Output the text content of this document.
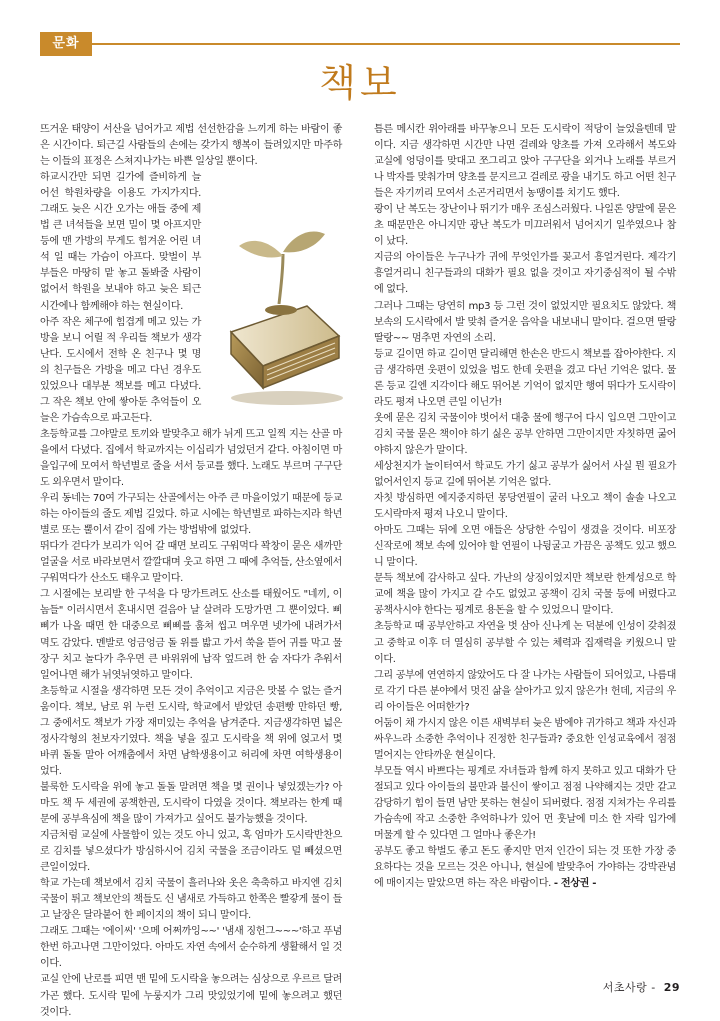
문화
책보

뜨거운 태양이 서산을 넘어가고 제법 선선한감을 느끼게 하는 바람이 좋은 시간이다. 퇴근길 사람들의 손에는 갖가지 행복이 들려있지만 마주하는 이들의 표정은 스쳐지나가는 바쁜 일상일 뿐이다.

하교시간만 되면 길가에 즐비하게 늘어선 학원차량을 이용도 가지가지다. 그래도 늦은 시간 오가는 애들 중에 제법 큰 녀석들을 보면 밀이 몇 아프지만 등에 맨 가방의 무게도 힘겨운 어린 녀석 일 때는 가슴이 아프다. 맞벌이 부부들은 마땅히 맡 놓고 돌봐줄 사람이 없어서 학원을 보내야 하고 늦은 퇴근시간에나 함께해야 하는 현실이다.

아주 작은 체구에 힘겹게 메고 있는 가방을 보니 어릴 적 우리들 책보가 생각난다. 도시에서 전학 온 친구나 몇 명의 친구들은 가방을 메고 다닌 경우도 있었으나 대부분 책보를 메고 다녔다. 그 작은 책보 안에 쌓아둔 추억들이 오늘은 가슴속으로 파고든다.

초등학교를 그야말로 토끼와 발맞추고 해가 뉘게 뜨고 일찍 지는 산골 마을에서 다녔다. 집에서 학교까지는 이십리가 넘었던거 같다. 아침이면 마을입구에 모여서 학년별로 줄을 서서 등교를 했다. 노래도 부르며 구구단도 외우면서 말이다.

우리 동네는 70여 가구되는 산골에서는 아주 큰 마을이었기 때문에 등교하는 아이들의 줄도 제법 길었다. 하교 시에는 학년별로 파하는지라 학년별로 또는 뿔이서 같이 집에 가는 방법밖에 없었다.

뛰다가 걷다가 보리가 익어 갈 때면 보리도 구워먹다 꽉창이 묻은 새까만 얼굴을 서로 바라보면서 깔깔대며 웃고 하면 그 때에 추억들, 산소옆에서 구워먹다가 산소도 태우고 말이다.

그 시절에는 보리발 한 구석을 다 망가트려도 산소를 태웠어도 "네끼, 이놈들" 이러시면서 혼내시면 걸음아 날 살려라 도망가면 그 뿐이었다. 삐삐가 나올 때면 한 대중으로 삐삐를 훔쳐 씹고 며우면 넷가에 내려가서 멱도 감았다. 멘발로 엉금엉금 돌 위를 밟고 가서 쑥을 뜯어 귀를 막고 물장구 치고 놀다가 추우면 큰 바위위에 납작 엎드려 한 숨 자다가 추워서 일어나면 해가 뉘엿뉘엿하고 말이다.

초등학교 시절을 생각하면 모든 것이 추억이고 지금은 맛볼 수 없는 즐거움이다. 책보, 남로 위 누런 도시락, 학교에서 받았던 송편빵 만하던 빵, 그 중에서도 책보가 가장 재미있는 추억을 남겨준다. 지금생각하면 넓은 정사각형의 천보자기였다. 책을 넣을 짚고 도시락을 책 위에 얹고서 몇 바퀴 돌돌 말아 어깨춤에서 차면 남학생용이고 허리에 차면 여학생용이었다.

불룩한 도시락을 위에 놓고 돌돌 말려면 책을 몇 권이나 넣었겠는가? 아마도 책 두 세권에 공책한권, 도시락이 다였을 것이다. 책보라는 한계 때문에 공부욕심에 책을 많이 가져가고 싶어도 불가능했을 것이다.

지금처럼 교실에 사물함이 있는 것도 아니 었고, 혹 엄마가 도시락반찬으로 김치를 넣으셨다가 방심하시어 김치 국물을 조금이라도 덜 빼셨으면 큰일이었다.

학교 가는데 책보에서 김치 국물이 흘러나와 옷은 축축하고 바지엔 김치 국물이 튀고 책보안의 책들도 신 냄새로 가득하고 한쪽은 빨갛게 물이 들고 날장은 달라붙어 한 페이지의 책이 되니 말이다.

그래도 그때는 '에이씨' '으메 어쩌까잉~~' '냄새 징헌그~~~'하고 푸념한번 하고나면 그만이었다. 아마도 자연 속에서 순수하게 생활해서 일 것이다.

교실 안에 난로를 피면 맨 밑에 도시락을 놓으려는 심상으로 우르르 달려가곤 했다. 도시락 밑에 누룽지가 그리 맛있었기에 밑에 놓으려고 했던 것이다.

틈른 메시칸 위아래를 바꾸놓으니 모든 도시락이 적당이 늘었을텐데 말이다. 지금 생각하면 시간만 나면 걸레와 양초를 가져 오라해서 복도와 교실에 엉덩이를 맞대고 쪼그리고 앉아 구구단을 외거나 노래를 부르거나 박자를 맞춰가며 양초를 문지르고 걸레로 광을 내기도 하고 어떤 친구들은 자기끼리 모여서 소곤거리면서 농땡이를 치기도 했다.

광이 난 복도는 장난이나 뛰기가 매우 조심스러웠다. 나일론 양말에 묻은 초 때문만은 아니지만 광난 복도가 미끄러워서 넘어지기 일쑤였으나 참이 났다.

지금의 아이들은 누구나가 귀에 무엇인가를 꽂고서 흥얼거린다. 제각기 흥얼거리니 친구들과의 대화가 필요 없을 것이고 자기중심적이 될 수밖에 없다.

그러나 그때는 당연히 mp3 등 그런 것이 없었지만 필요치도 않았다. 책보속의 도시락에서 발 맞춰 즐거운 음악을 내보내니 말이다. 걸으면 딸랑딸랑~~ 멈추면 자연의 소리.

등교 길이면 하교 길이면 달리해면 한손은 반드시 책보를 잡아야한다. 지금 생각하면 웃편이 있었을 법도 한데 웃편을 겼고 다닌 기억은 없다. 물론 등교 길엔 지각이다 해도 뛰어본 기억이 없지만 행여 뛰다가 도시락이라도 평져 나오면 큰일 이닌가!

옷에 묻은 김치 국물이야 벗어서 대충 물에 행구어 다시 입으면 그만이고 김치 국물 묻은 책이야 하기 싫은 공부 안하면 그만이지만 자칫하면 굶어야하지 않은가 말이다.

세상천지가 놀이터여서 학교도 가기 싫고 공부가 싫어서 사실 뭔 필요가 없어서인지 등교 길에 뛰어본 기억은 없다.

자칫 방심하면 에지중지하던 몽당연필이 굴러 나오고 책이 솔솔 나오고 도시락마저 평져 나오니 말이다.

아마도 그때는 뒤에 오면 애들은 상당한 수입이 생겼을 것이다. 비포장 신작로에 책보 속에 있어야 할 연필이 나뒹굴고 가끔은 공책도 있고 했으니 말이다.

문득 책보에 감사하고 싶다. 가난의 상징이었지만 책보란 한계성으로 학교에 책을 많이 가지고 갈 수도 없었고 공책이 김치 국물 등에 버렸다고 공책사시야 한다는 핑계로 용돈을 할 수 있었으니 말이다.

초등학교 때 공부안하고 자연을 벗 삼아 신나게 논 덕분에 인성이 갖춰졌고 중학교 이후 더 열심히 공부할 수 있는 체력과 집재력을 키웠으니 말이다.

그리 공부에 연연하지 않았어도 다 잘 나가는 사람들이 되어있고, 나름대로 각기 다른 분야에서 멋진 삶을 살아가고 있지 않은가! 헌데, 지금의 우리 아이들은 어떠한가?

어둠이 채 가시지 않은 이른 새벽부터 늦은 밤에야 귀가하고 책과 자신과 싸우느라 소중한 추억이나 진정한 친구들과? 중요한 인성교육에서 점점 멀어지는 안타까운 현실이다.

부모들 역시 바쁘다는 핑계로 자녀들과 함께 하지 못하고 있고 대화가 단절되고 있다 아이들의 불만과 불신이 쌓이고 점점 나약해지는 것만 같고 감당하기 힘이 들면 남만 못하는 현실이 되버렸다. 점점 지쳐가는 우리를 가슴속에 작고 소중한 추억하나가 있어 먼 훗날에 미소 한 자락 입가에 머물게 할 수 있다면 그 얼마나 좋은가!

공부도 좋고 학벌도 좋고 돈도 좋지만 먼저 인간이 되는 것 또한 가장 중요하다는 것을 모르는 것은 아니나, 현실에 발맞추어 가야하는 강박관념에 매이지는 말았으면 하는 작은 바람이다. - 전상권 -

서초사랑 - 29
